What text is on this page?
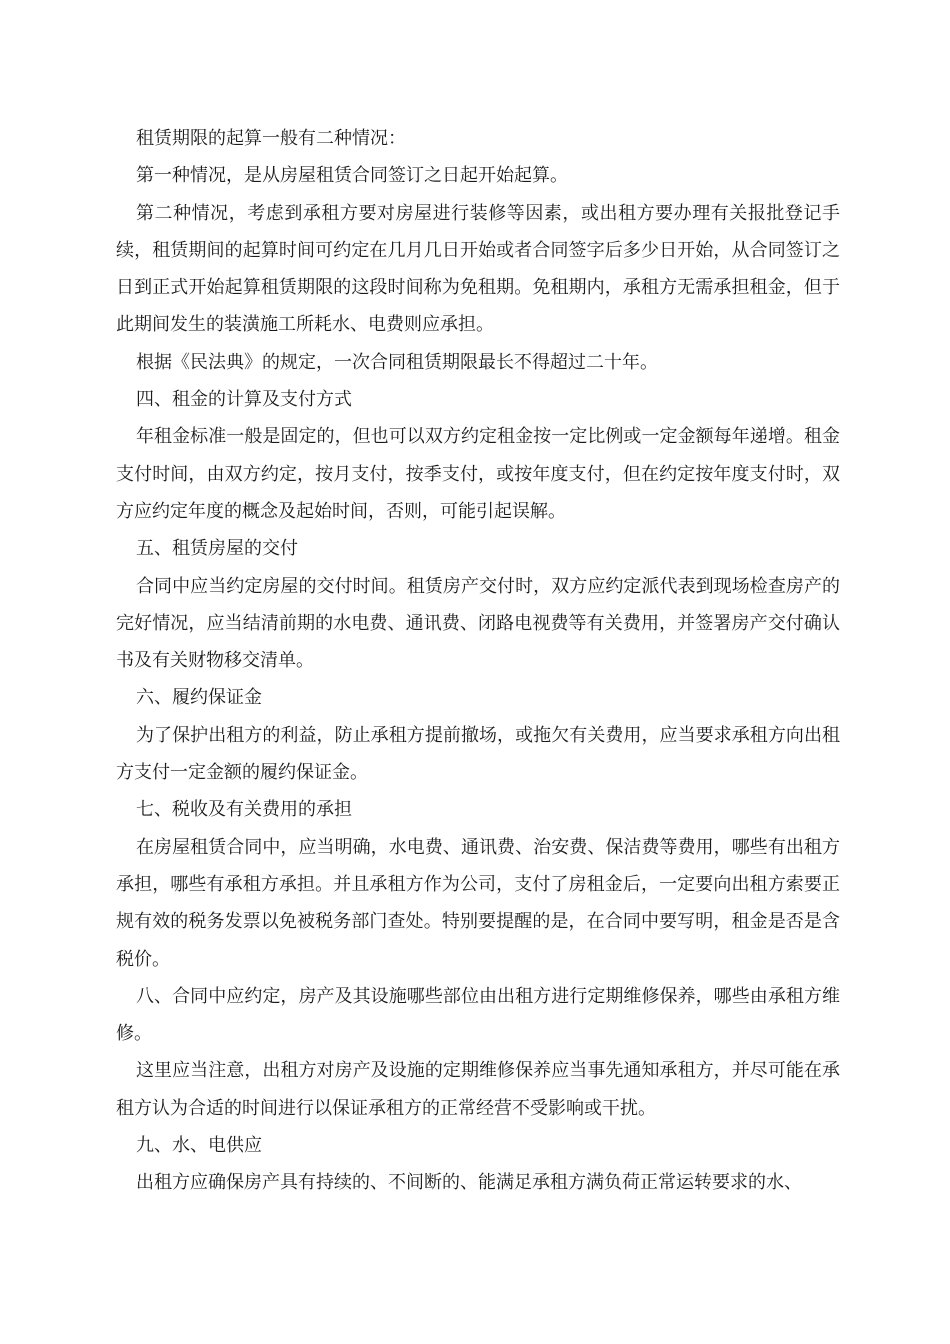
租赁期限的起算一般有二种情况：

第一种情况，是从房屋租赁合同签订之日起开始起算。

第二种情况，考虑到承租方要对房屋进行装修等因素，或出租方要办理有关报批登记手续，租赁期间的起算时间可约定在几月几日开始或者合同签字后多少日开始，从合同签订之日到正式开始起算租赁期限的这段时间称为免租期。免租期内，承租方无需承担租金，但于此期间发生的装潢施工所耗水、电费则应承担。

根据《民法典》的规定，一次合同租赁期限最长不得超过二十年。

四、租金的计算及支付方式

年租金标准一般是固定的，但也可以双方约定租金按一定比例或一定金额每年递增。租金支付时间，由双方约定，按月支付，按季支付，或按年度支付，但在约定按年度支付时，双方应约定年度的概念及起始时间，否则，可能引起误解。

五、租赁房屋的交付

合同中应当约定房屋的交付时间。租赁房产交付时，双方应约定派代表到现场检查房产的完好情况，应当结清前期的水电费、通讯费、闭路电视费等有关费用，并签署房产交付确认书及有关财物移交清单。

六、履约保证金

为了保护出租方的利益，防止承租方提前撤场，或拖欠有关费用，应当要求承租方向出租方支付一定金额的履约保证金。

七、税收及有关费用的承担

在房屋租赁合同中，应当明确，水电费、通讯费、治安费、保洁费等费用，哪些有出租方承担，哪些有承租方承担。并且承租方作为公司，支付了房租金后，一定要向出租方索要正规有效的税务发票以免被税务部门查处。特别要提醒的是，在合同中要写明，租金是否是含税价。

八、合同中应约定，房产及其设施哪些部位由出租方进行定期维修保养，哪些由承租方维修。

这里应当注意，出租方对房产及设施的定期维修保养应当事先通知承租方，并尽可能在承租方认为合适的时间进行以保证承租方的正常经营不受影响或干扰。

九、水、电供应

出租方应确保房产具有持续的、不间断的、能满足承租方满负荷正常运转要求的水、
